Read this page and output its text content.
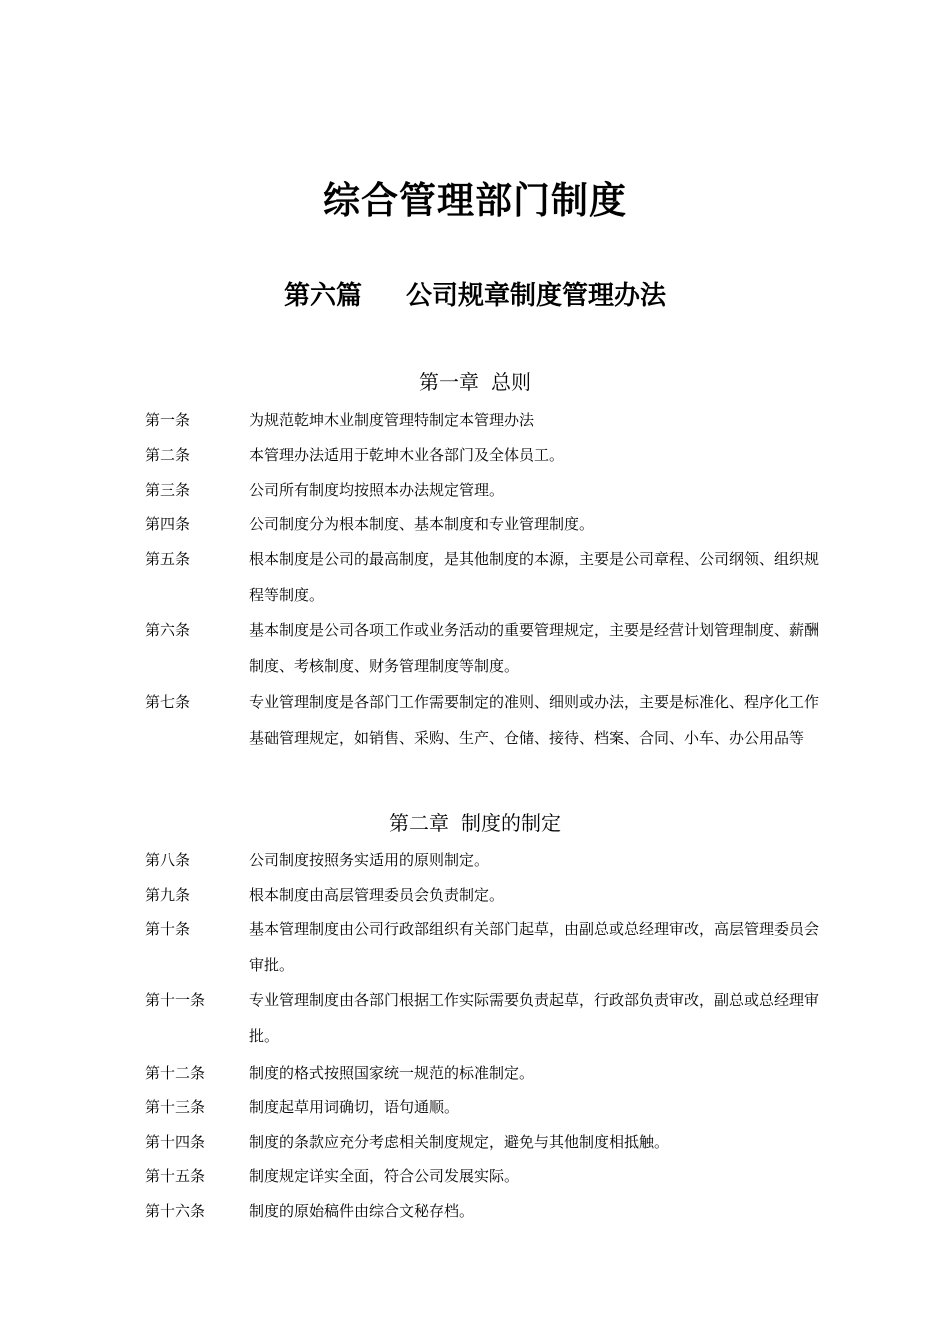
综合管理部门制度
第六篇 公司规章制度管理办法
第一章 总则
第一条	为规范乾坤木业制度管理特制定本管理办法
第二条	本管理办法适用于乾坤木业各部门及全体员工。
第三条	公司所有制度均按照本办法规定管理。
第四条	公司制度分为根本制度、基本制度和专业管理制度。
第五条	根本制度是公司的最高制度，是其他制度的本源，主要是公司章程、公司纲领、组织规程等制度。
第六条	基本制度是公司各项工作或业务活动的重要管理规定，主要是经营计划管理制度、薪酬制度、考核制度、财务管理制度等制度。
第七条	专业管理制度是各部门工作需要制定的准则、细则或办法，主要是标准化、程序化工作基础管理规定，如销售、采购、生产、仓储、接待、档案、合同、小车、办公用品等
第二章 制度的制定
第八条	公司制度按照务实适用的原则制定。
第九条	根本制度由高层管理委员会负责制定。
第十条	基本管理制度由公司行政部组织有关部门起草，由副总或总经理审改，高层管理委员会审批。
第十一条	专业管理制度由各部门根据工作实际需要负责起草，行政部负责审改，副总或总经理审批。
第十二条	制度的格式按照国家统一规范的标准制定。
第十三条	制度起草用词确切，语句通顺。
第十四条	制度的条款应充分考虑相关制度规定，避免与其他制度相抵触。
第十五条	制度规定详实全面，符合公司发展实际。
第十六条	制度的原始稿件由综合文秘存档。
